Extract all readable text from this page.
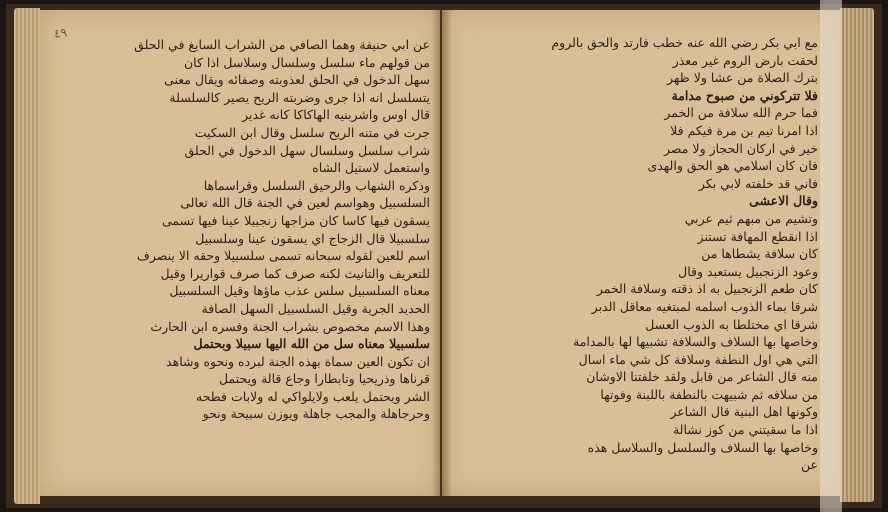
٤٩
عن ابي حنيفة وهما الصافي من الشراب السايغ في الحلق
من قولهم ماء سلسل وسلسال وسلاسل اذا كان
سهل الدخول في الحلق لعذوبته وصفائه ويقال معنى
يتسلسل انه اذا جرى وضربته الريح يصير كالسلسلة
قال اوس واشربنيه الهاكاكا كانه غدير
جرت في متنه الريح سلسل وقال ابن السكيت
شراب سلسل وسلسال سهل الدخول في الحلق
واستعمل لاستيل الشاه
وذكره الشهاب والرحيق السلسل وقراسماها
السلسبيل وهواسم لعين في الجنة قال الله تعالى
يسقون فيها كاسا كان مزاجها زنجبيلا عينا فيها تسمى
سلسبيلا قال الزجاج اي يسقون عينا وسلسبيل
اسم للعين لقوله سبحانه تسمى سلسبيلا وحقه الا ينصرف
للتعريف والتانيث لكنه صرف كما صرف قواريرا وقيل
معناه السلسبيل سلس عذب ماؤها وقيل السلسبيل
الحديد الجرية وقيل السلسبيل السهل الصافة
وهذا الاسم مخصوص بشراب الجنة وفسره ابن الحارث
سلسبيلا معناه سل من الله اليها سبيلا وبحتمل
ان تكون العين سماة بهذه الجنة لبرده ونحوه وشاهد
قرناها وذريحيا وتابطارا وجاع قالة ويحتمل
الشر ويحتمل يلعب ولايلواكي له ولابات فطحه
وحرجاهلة والمجب جاهلة ويوزن سبيحة ونحو
مع ابي بكر رضي الله عنه خطب فارتد والحق بالروم
لحقت بارض الروم غير معذر
بترك الصلاة من عشا ولا ظهر
فلا تتركوني من صبوح مدامة
فما حرم الله سلافة من الخمر
اذا امرنا تيم بن مرة فيكم فلا
خير في اركان الحجاز ولا مصر
فان كان اسلامي هو الحق والهدى
فاني قد خلفته لابي بكر
وقال الاعشى
وتشيم من مبهم ثيم عربي
اذا انقطع المهافة تستنز
كان سلافة يشطاها من
وعود الزنجبيل يستعبد وقال
كان طعم الزنجبيل به اذ ذقته وسلافة الخمر
شرقا بماء الذوب اسلمه لمبتغيه معاقل الدبر
شرقا اي مختلطا به الذوب العسل
وخاصها بها السلاف والسلافة تشبيها لها بالمدامة
التي هي اول النطفة وسلافة كل شي ماء اسال
منه قال الشاعر من قابل ولقد خلفتنا الاوشان
من سلافه ثم شبيهت بالنطفة باللبنة وفوتها
وكونها اهل البنية قال الشاعر
اذا ما سقيتني من كوز نشالة
وخاصها بها السلاف والسلسل والسلاسل هذه
عن
